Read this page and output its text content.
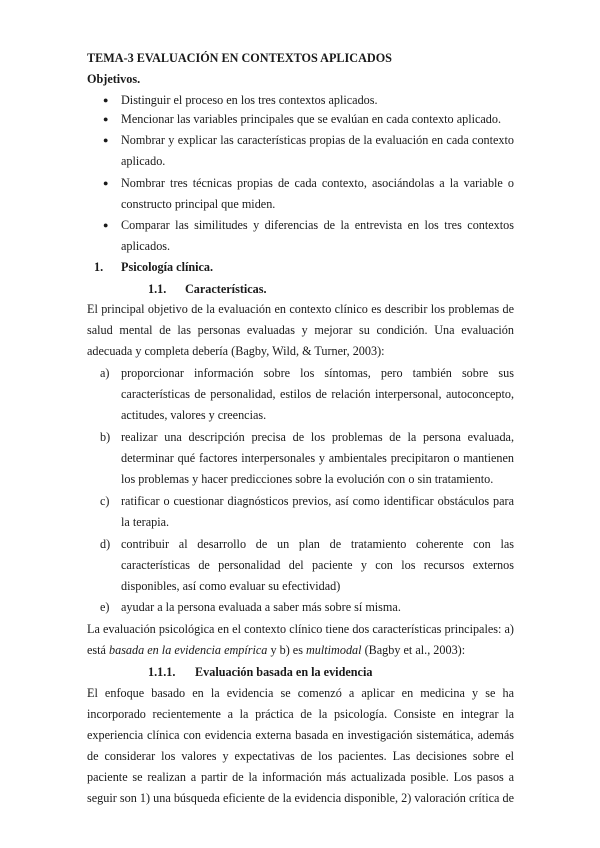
TEMA-3 EVALUACIÓN EN CONTEXTOS APLICADOS
Objetivos.
● Distinguir el proceso en los tres contextos aplicados.
● Mencionar las variables principales que se evalúan en cada contexto aplicado.
● Nombrar y explicar las características propias de la evaluación en cada contexto
aplicado.
● Nombrar tres técnicas propias de cada contexto, asociándolas a la variable o
constructo principal que miden.
● Comparar las similitudes y diferencias de la entrevista en los tres contextos
aplicados.
1. Psicología clínica.
1.1. Características.
El principal objetivo de la evaluación en contexto clínico es describir los problemas de
salud mental de las personas evaluadas y mejorar su condición. Una evaluación
adecuada y completa debería (Bagby, Wild, & Turner, 2003):
a) proporcionar información sobre los síntomas, pero también sobre sus
características de personalidad, estilos de relación interpersonal, autoconcepto,
actitudes, valores y creencias.
b) realizar una descripción precisa de los problemas de la persona evaluada,
determinar qué factores interpersonales y ambientales precipitaron o mantienen
los problemas y hacer predicciones sobre la evolución con o sin tratamiento.
c) ratificar o cuestionar diagnósticos previos, así como identificar obstáculos para
la terapia.
d) contribuir al desarrollo de un plan de tratamiento coherente con las
características de personalidad del paciente y con los recursos externos
disponibles, así como evaluar su efectividad)
e) ayudar a la persona evaluada a saber más sobre sí misma.
La evaluación psicológica en el contexto clínico tiene dos características principales: a)
está basada en la evidencia empírica y b) es multimodal (Bagby et al., 2003):
1.1.1. Evaluación basada en la evidencia
El enfoque basado en la evidencia se comenzó a aplicar en medicina y se ha
incorporado recientemente a la práctica de la psicología. Consiste en integrar la
experiencia clínica con evidencia externa basada en investigación sistemática, además
de considerar los valores y expectativas de los pacientes. Las decisiones sobre el
paciente se realizan a partir de la información más actualizada posible. Los pasos a
seguir son 1) una búsqueda eficiente de la evidencia disponible, 2) valoración crítica de
